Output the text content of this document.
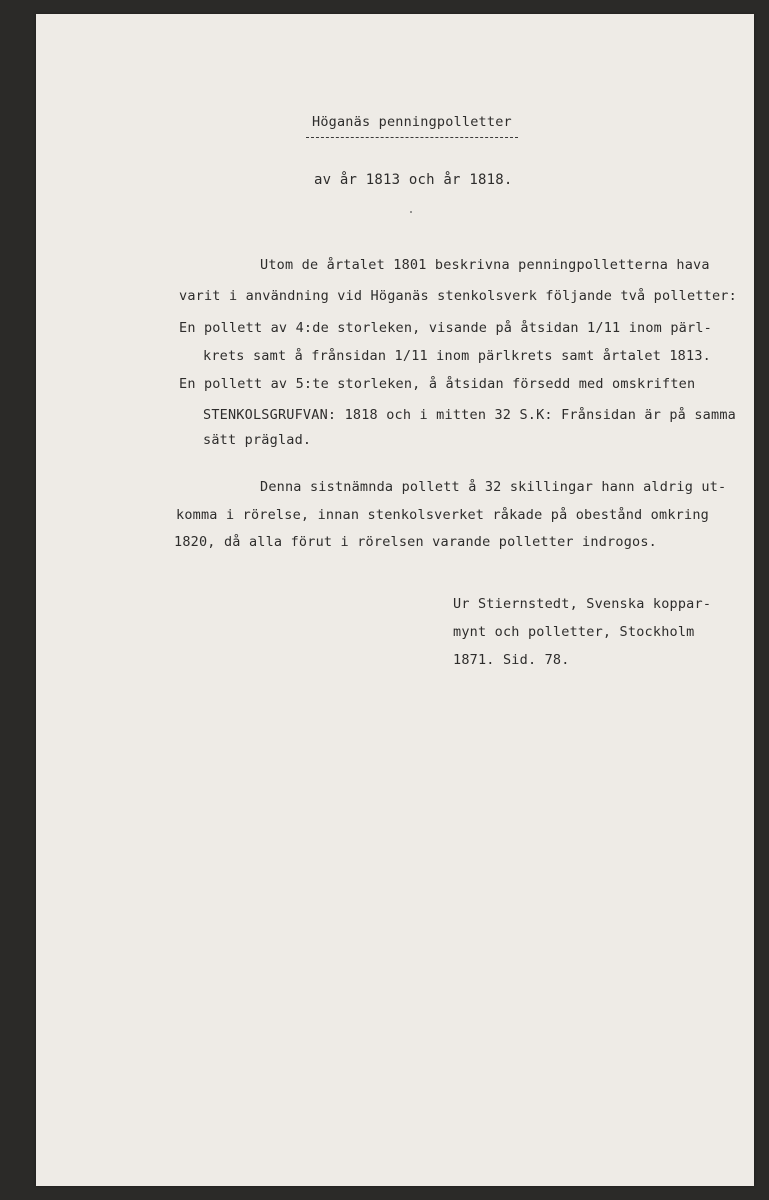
Höganäs penningpolletter
av år 1813 och år 1818.
Utom de årtalet 1801 beskrivna penningpolletterna hava
varit i användning vid Höganäs stenkolsverk följande två polletter:
En pollett av 4:de storleken, visande på åtsidan 1/11 inom pärl-
krets samt å frånsidan 1/11 inom pärlkrets samt årtalet 1813.
En pollett av 5:te storleken, å åtsidan försedd med omskriften
STENKOLSGRUFVAN: 1818 och i mitten 32 S.K: Frånsidan är på samma
sätt präglad.
Denna sistnämnda pollett å 32 skillingar hann aldrig ut-
komma i rörelse, innan stenkolsverket råkade på obestånd omkring
1820, då alla förut i rörelsen varande polletter indrogos.
Ur Stiernstedt, Svenska koppar-
mynt och polletter, Stockholm
1871. Sid. 78.
